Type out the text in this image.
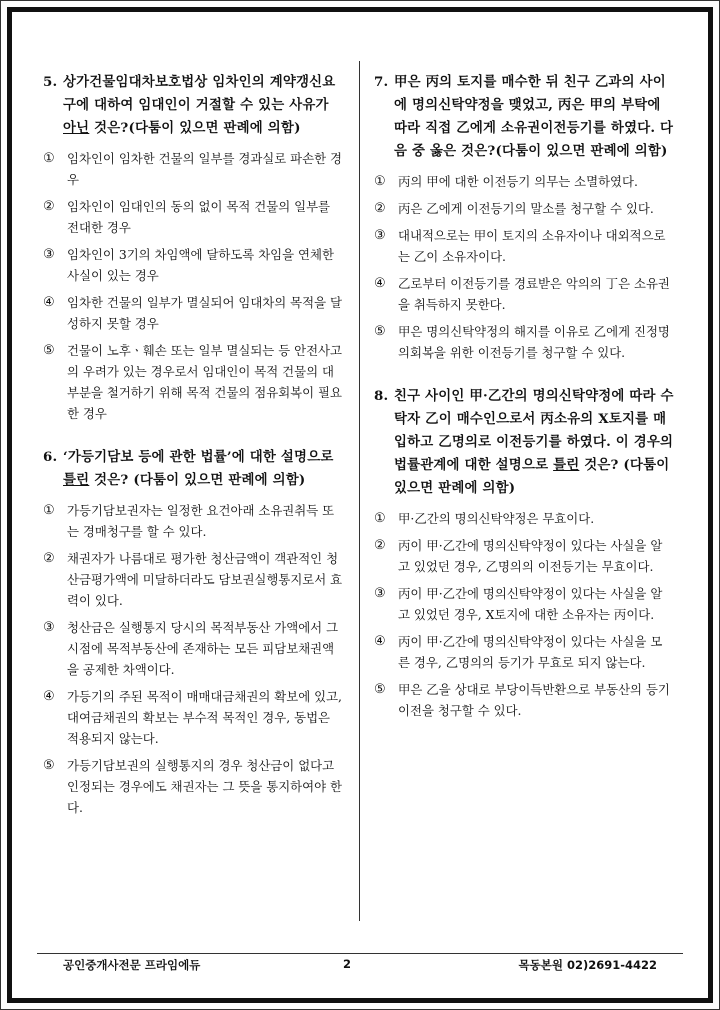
5. 상가건물임대차보호법상 임차인의 계약갱신요구에 대하여 임대인이 거절할 수 있는 사유가 아닌 것은?(다툼이 있으면 판례에 의함)
① 임차인이 임차한 건물의 일부를 경과실로 파손한 경우
② 임차인이 임대인의 동의 없이 목적 건물의 일부를 전대한 경우
③ 임차인이 3기의 차임액에 달하도록 차임을 연체한 사실이 있는 경우
④ 임차한 건물의 일부가 멸실되어 임대차의 목적을 달성하지 못할 경우
⑤ 건물이 노후ㆍ훼손 또는 일부 멸실되는 등 안전사고의 우려가 있는 경우로서 임대인이 목적 건물의 대부분을 철거하기 위해 목적 건물의 점유회복이 필요한 경우
6. ‘가등기담보 등에 관한 법률’에 대한 설명으로 틀린 것은? (다툼이 있으면 판례에 의함)
① 가등기담보권자는 일정한 요건아래 소유권취득 또는 경매청구를 할 수 있다.
② 채권자가 나름대로 평가한 청산금액이 객관적인 청산금평가액에 미달하더라도 담보권실행통지로서 효력이 있다.
③ 청산금은 실행통지 당시의 목적부동산 가액에서 그 시점에 목적부동산에 존재하는 모든 피담보채권액을 공제한 차액이다.
④ 가등기의 주된 목적이 매매대금채권의 확보에 있고, 대여금채권의 확보는 부수적 목적인 경우, 동법은 적용되지 않는다.
⑤ 가등기담보권의 실행통지의 경우 청산금이 없다고 인정되는 경우에도 채권자는 그 뜻을 통지하여야 한다.
7. 甲은 丙의 토지를 매수한 뒤 친구 乙과의 사이에 명의신탁약정을 맺었고, 丙은 甲의 부탁에 따라 직접 乙에게 소유권이전등기를 하였다. 다음 중 옳은 것은?(다툼이 있으면 판례에 의함)
① 丙의 甲에 대한 이전등기 의무는 소멸하였다.
② 丙은 乙에게 이전등기의 말소를 청구할 수 있다.
③ 대내적으로는 甲이 토지의 소유자이나 대외적으로는 乙이 소유자이다.
④ 乙로부터 이전등기를 경료받은 악의의 丁은 소유권을 취득하지 못한다.
⑤ 甲은 명의신탁약정의 해지를 이유로 乙에게 진정명의회복을 위한 이전등기를 청구할 수 있다.
8. 친구 사이인 甲·乙간의 명의신탁약정에 따라 수탁자 乙이 매수인으로서 丙소유의 X토지를 매입하고 乙명의로 이전등기를 하였다. 이 경우의 법률관계에 대한 설명으로 틀린 것은? (다툼이 있으면 판례에 의함)
① 甲·乙간의 명의신탁약정은 무효이다.
② 丙이 甲·乙간에 명의신탁약정이 있다는 사실을 알고 있었던 경우, 乙명의의 이전등기는 무효이다.
③ 丙이 甲·乙간에 명의신탁약정이 있다는 사실을 알고 있었던 경우, X토지에 대한 소유자는 丙이다.
④ 丙이 甲·乙간에 명의신탁약정이 있다는 사실을 모른 경우, 乙명의의 등기가 무효로 되지 않는다.
⑤ 甲은 乙을 상대로 부당이득반환으로 부동산의 등기이전을 청구할 수 있다.
공인중개사전문 프라임에듀	2	목동본원 02)2691-4422
